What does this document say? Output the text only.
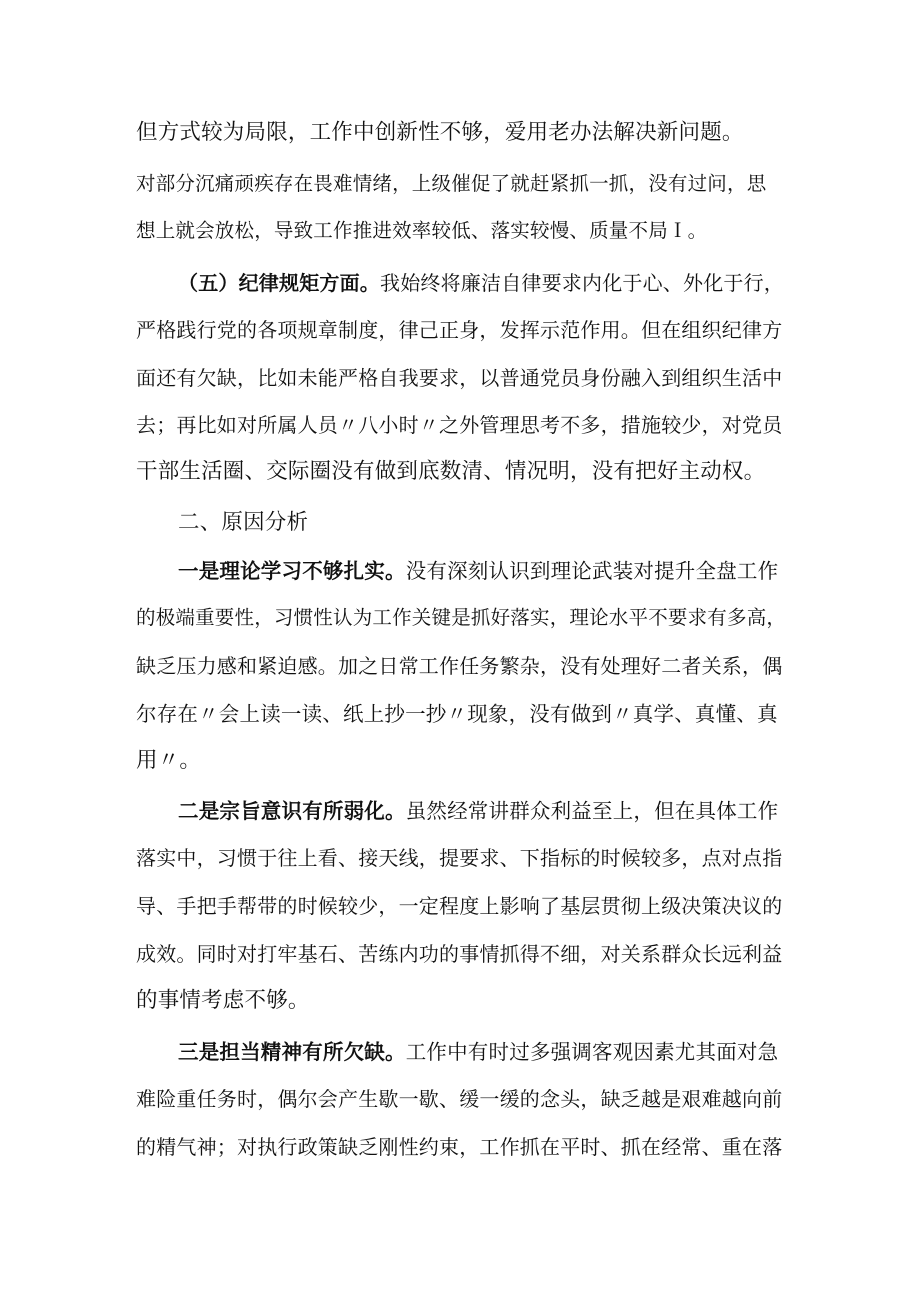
但方式较为局限，工作中创新性不够，爱用老办法解决新问题。
对部分沉痛顽疾存在畏难情绪，上级催促了就赶紧抓一抓，没有过问，思
想上就会放松，导致工作推进效率较低、落实较慢、质量不局Ｉ。
（五）纪律规矩方面。我始终将廉洁自律要求内化于心、外化于行，
严格践行党的各项规章制度，律己正身，发挥示范作用。但在组织纪律方
面还有欠缺，比如未能严格自我要求，以普通党员身份融入到组织生活中
去；再比如对所属人员〃八小时〃之外管理思考不多，措施较少，对党员
干部生活圈、交际圈没有做到底数清、情况明，没有把好主动权。
二、原因分析
一是理论学习不够扎实。没有深刻认识到理论武装对提升全盘工作
的极端重要性，习惯性认为工作关键是抓好落实，理论水平不要求有多高，
缺乏压力感和紧迫感。加之日常工作任务繁杂，没有处理好二者关系，偶
尔存在〃会上读一读、纸上抄一抄〃现象，没有做到〃真学、真懂、真
用〃。
二是宗旨意识有所弱化。虽然经常讲群众利益至上，但在具体工作
落实中，习惯于往上看、接天线，提要求、下指标的时候较多，点对点指
导、手把手帮带的时候较少，一定程度上影响了基层贯彻上级决策决议的
成效。同时对打牢基石、苦练内功的事情抓得不细，对关系群众长远利益
的事情考虑不够。
三是担当精神有所欠缺。工作中有时过多强调客观因素尤其面对急
难险重任务时，偶尔会产生歇一歇、缓一缓的念头，缺乏越是艰难越向前
的精气神；对执行政策缺乏刚性约束，工作抓在平时、抓在经常、重在落
